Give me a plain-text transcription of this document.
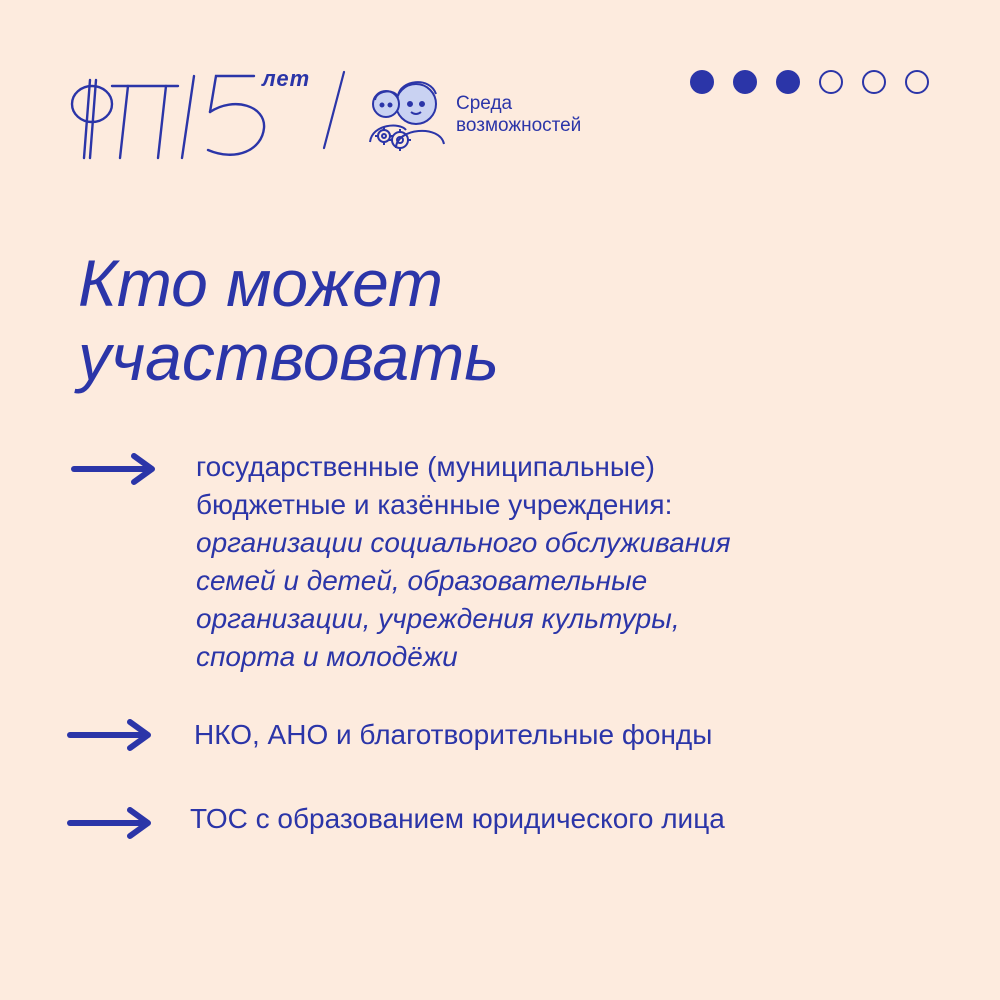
лет
Среда
возможностей
Кто может
участвовать
государственные (муниципальные)
бюджетные и казённые учреждения:
организации социального обслуживания
семей и детей, образовательные
организации, учреждения культуры,
спорта и молодёжи
НКО, АНО и благотворительные фонды
ТОС с образованием юридического лица
